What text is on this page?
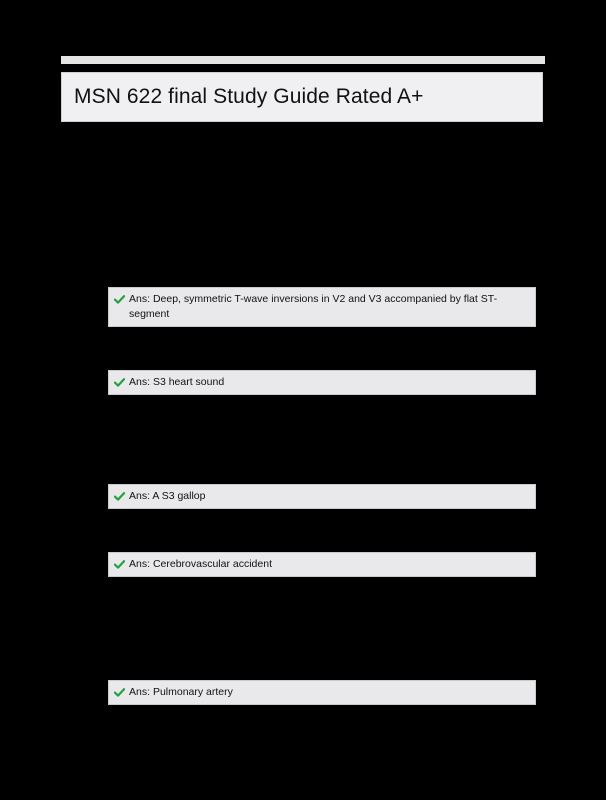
MSN 622 final Study Guide Rated A+
Ans: Deep, symmetric T-wave inversions in V2 and V3 accompanied by flat ST-segment
Ans: S3 heart sound
Ans: A S3 gallop
Ans: Cerebrovascular accident
Ans: Pulmonary artery
